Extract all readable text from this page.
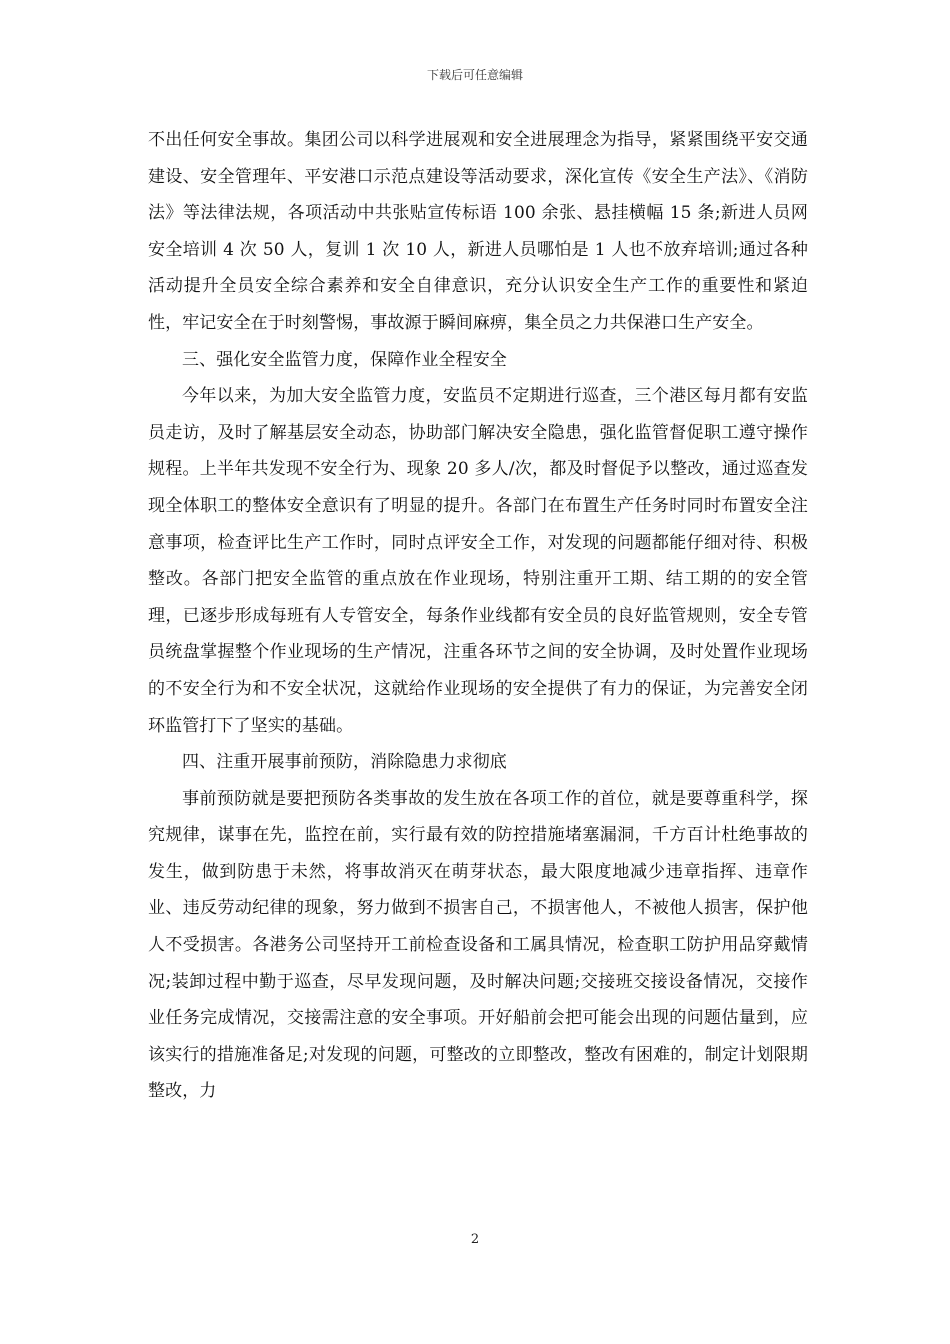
下载后可任意编辑

不出任何安全事故。集团公司以科学进展观和安全进展理念为指导，紧紧围绕平安交通建设、安全管理年、平安港口示范点建设等活动要求，深化宣传《安全生产法》、《消防法》等法律法规，各项活动中共张贴宣传标语 100 余张、悬挂横幅 15 条;新进人员网安全培训 4 次 50 人，复训 1 次 10 人，新进人员哪怕是 1 人也不放弃培训;通过各种活动提升全员安全综合素养和安全自律意识，充分认识安全生产工作的重要性和紧迫性，牢记安全在于时刻警惕，事故源于瞬间麻痹，集全员之力共保港口生产安全。

三、强化安全监管力度，保障作业全程安全

今年以来，为加大安全监管力度，安监员不定期进行巡查，三个港区每月都有安监员走访，及时了解基层安全动态，协助部门解决安全隐患，强化监管督促职工遵守操作规程。上半年共发现不安全行为、现象 20 多人/次，都及时督促予以整改，通过巡查发现全体职工的整体安全意识有了明显的提升。各部门在布置生产任务时同时布置安全注意事项，检查评比生产工作时，同时点评安全工作，对发现的问题都能仔细对待、积极整改。各部门把安全监管的重点放在作业现场，特别注重开工期、结工期的的安全管理，已逐步形成每班有人专管安全，每条作业线都有安全员的良好监管规则，安全专管员统盘掌握整个作业现场的生产情况，注重各环节之间的安全协调，及时处置作业现场的不安全行为和不安全状况，这就给作业现场的安全提供了有力的保证，为完善安全闭环监管打下了坚实的基础。

四、注重开展事前预防，消除隐患力求彻底

事前预防就是要把预防各类事故的发生放在各项工作的首位，就是要尊重科学，探究规律，谋事在先，监控在前，实行最有效的防控措施堵塞漏洞，千方百计杜绝事故的发生，做到防患于未然，将事故消灭在萌芽状态，最大限度地减少违章指挥、违章作业、违反劳动纪律的现象，努力做到不损害自己，不损害他人，不被他人损害，保护他人不受损害。各港务公司坚持开工前检查设备和工属具情况，检查职工防护用品穿戴情况;装卸过程中勤于巡查，尽早发现问题，及时解决问题;交接班交接设备情况，交接作业任务完成情况，交接需注意的安全事项。开好船前会把可能会出现的问题估量到，应该实行的措施准备足;对发现的问题，可整改的立即整改，整改有困难的，制定计划限期整改，力

2
